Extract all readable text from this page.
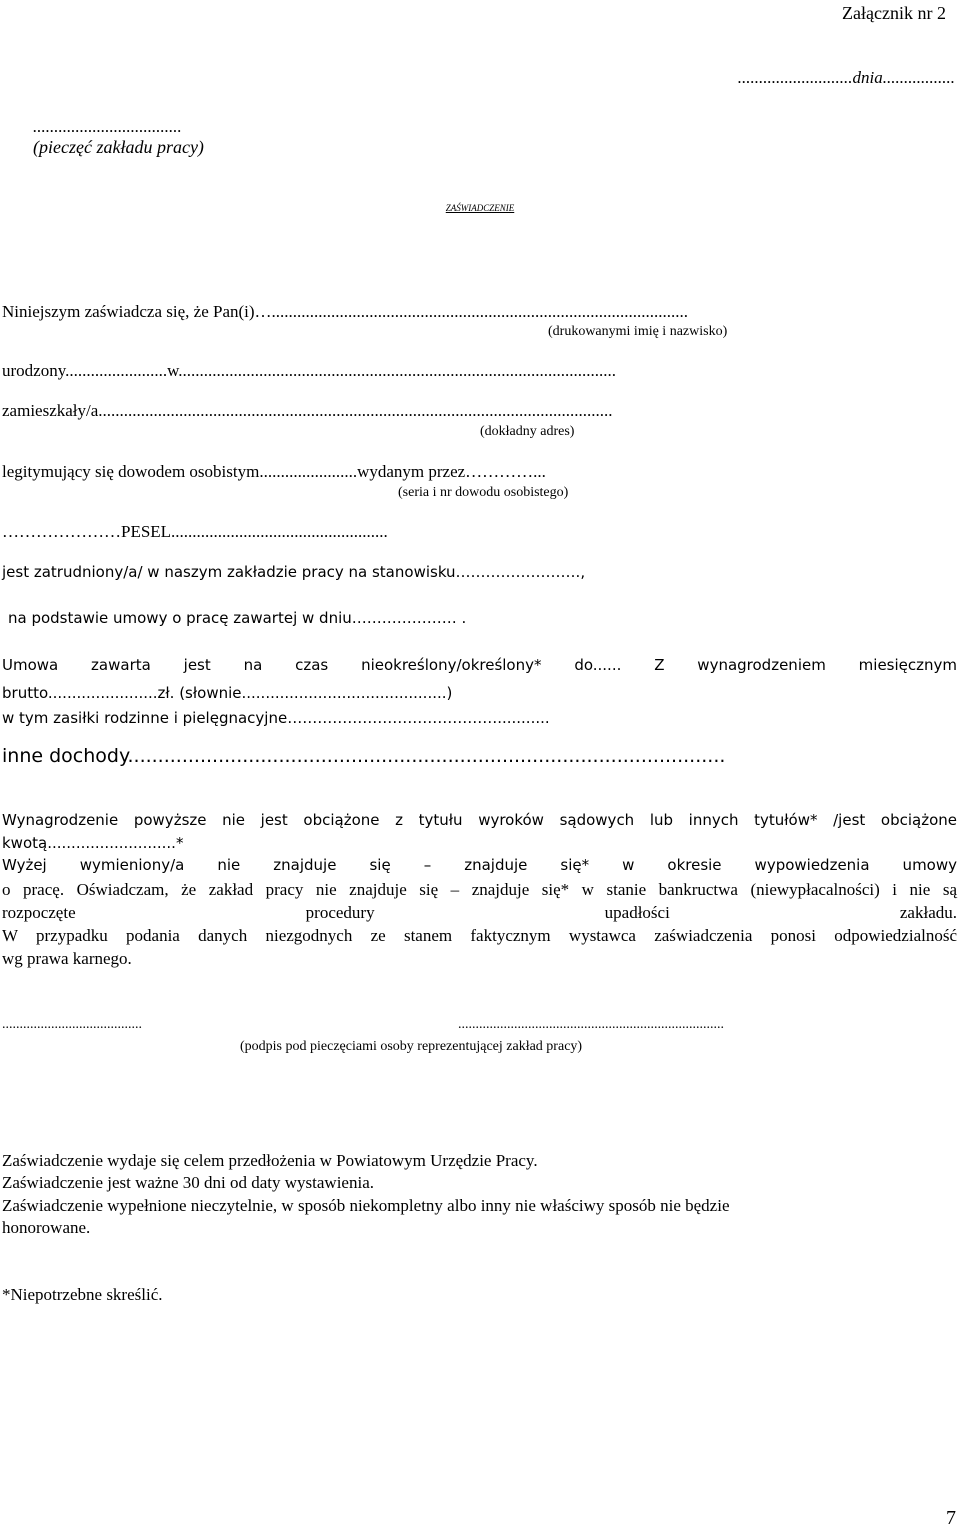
Załącznik nr 2
...........................dnia.................
...................................
(pieczęć zakładu pracy)
ZAŚWIADCZENIE
Niniejszym zaświadcza się, że Pan(i)…..................................................................................................
(drukowanymi imię i nazwisko)
urodzony........................w.......................................................................................................
zamieszkały/a.........................................................................................................................
(dokładny adres)
legitymujący się dowodem osobistym.......................wydanym przez…………...
(seria i nr dowodu osobistego)
…………………PESEL...................................................
jest zatrudniony/a/ w naszym zakładzie pracy na stanowisku…………………….,
na podstawie umowy o pracę zawartej w dniu………………… .
Umowa zawarta jest na czas nieokreślony/określony* do...... Z wynagrodzeniem miesięcznym
brutto.......................zł. (słownie...........................................)
w tym zasiłki rodzinne i pielęgnacyjne……………………………………...........
inne dochody...................................................................................................
Wynagrodzenie powyższe nie jest obciążone z tytułu wyroków sądowych lub innych tytułów* /jest obciążone
kwotą...........................*
Wyżej wymieniony/a nie znajduje się – znajduje się* w okresie wypowiedzenia umowy
o pracę. Oświadczam, że zakład pracy nie znajduje się – znajduje się* w stanie bankructwa (niewypłacalności) i nie są
rozpoczęte procedury upadłości zakładu.
W przypadku podania danych niezgodnych ze stanem faktycznym wystawca zaświadczenia ponosi odpowiedzialność
wg prawa karnego.
........................................	............................................................................
(podpis pod pieczęciami osoby reprezentującej zakład pracy)
Zaświadczenie wydaje się celem przedłożenia w Powiatowym Urzędzie Pracy.
Zaświadczenie jest ważne 30 dni od daty wystawienia.
Zaświadczenie wypełnione nieczytelnie, w sposób niekompletny albo inny nie właściwy sposób nie będzie
honorowane.
*Niepotrzebne skreślić.
7
